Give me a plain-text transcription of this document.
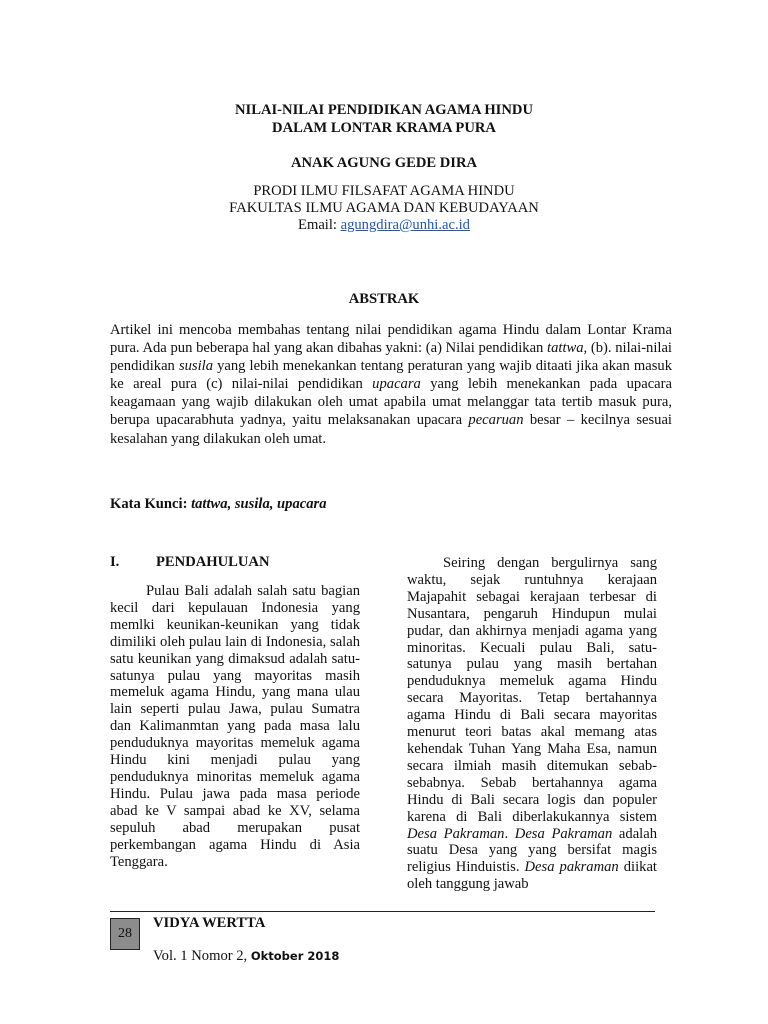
NILAI-NILAI PENDIDIKAN AGAMA HINDU
DALAM LONTAR KRAMA PURA
ANAK AGUNG GEDE DIRA
PRODI ILMU FILSAFAT AGAMA HINDU
FAKULTAS ILMU AGAMA DAN KEBUDAYAAN
Email: agungdira@unhi.ac.id
ABSTRAK
Artikel ini mencoba membahas tentang nilai pendidikan agama Hindu dalam Lontar Krama pura. Ada pun beberapa hal yang akan dibahas yakni: (a) Nilai pendidikan tattwa, (b). nilai-nilai pendidikan susila yang lebih menekankan tentang peraturan yang wajib ditaati jika akan masuk ke areal pura (c) nilai-nilai pendidikan upacara yang lebih menekankan pada upacara keagamaan yang wajib dilakukan oleh umat apabila umat melanggar tata tertib masuk pura, berupa upacarabhuta yadnya, yaitu melaksanakan upacara pecaruan besar – kecilnya sesuai kesalahan yang dilakukan oleh umat.
Kata Kunci: tattwa, susila, upacara
I.	PENDAHULUAN

Pulau Bali adalah salah satu bagian kecil dari kepulauan Indonesia yang memlki keunikan-keunikan yang tidak dimiliki oleh pulau lain di Indonesia, salah satu keunikan yang dimaksud adalah satu-satunya pulau yang mayoritas masih memeluk agama Hindu, yang mana ulau lain seperti pulau Jawa, pulau Sumatra dan Kalimanmtan yang pada masa lalu penduduknya mayoritas memeluk agama Hindu kini menjadi pulau yang penduduknya minoritas memeluk agama Hindu. Pulau jawa pada masa periode abad ke V sampai abad ke XV, selama sepuluh abad merupakan pusat perkembangan agama Hindu di Asia Tenggara.

Seiring dengan bergulirnya sang waktu, sejak runtuhnya kerajaan Majapahit sebagai kerajaan terbesar di Nusantara, pengaruh Hindupun mulai pudar, dan akhirnya menjadi agama yang minoritas. Kecuali pulau Bali, satu-satunya pulau yang masih bertahan penduduknya memeluk agama Hindu secara Mayoritas. Tetap bertahannya agama Hindu di Bali secara mayoritas menurut teori batas akal memang atas kehendak Tuhan Yang Maha Esa, namun secara ilmiah masih ditemukan sebab-sebabnya. Sebab bertahannya agama Hindu di Bali secara logis dan populer karena di Bali diberlakukannya sistem Desa Pakraman. Desa Pakraman adalah suatu Desa yang yang bersifat magis religius Hinduistis. Desa pakraman diikat oleh tanggung jawab

28
VIDYA WERTTA
Vol. 1 Nomor 2, Oktober 2018
